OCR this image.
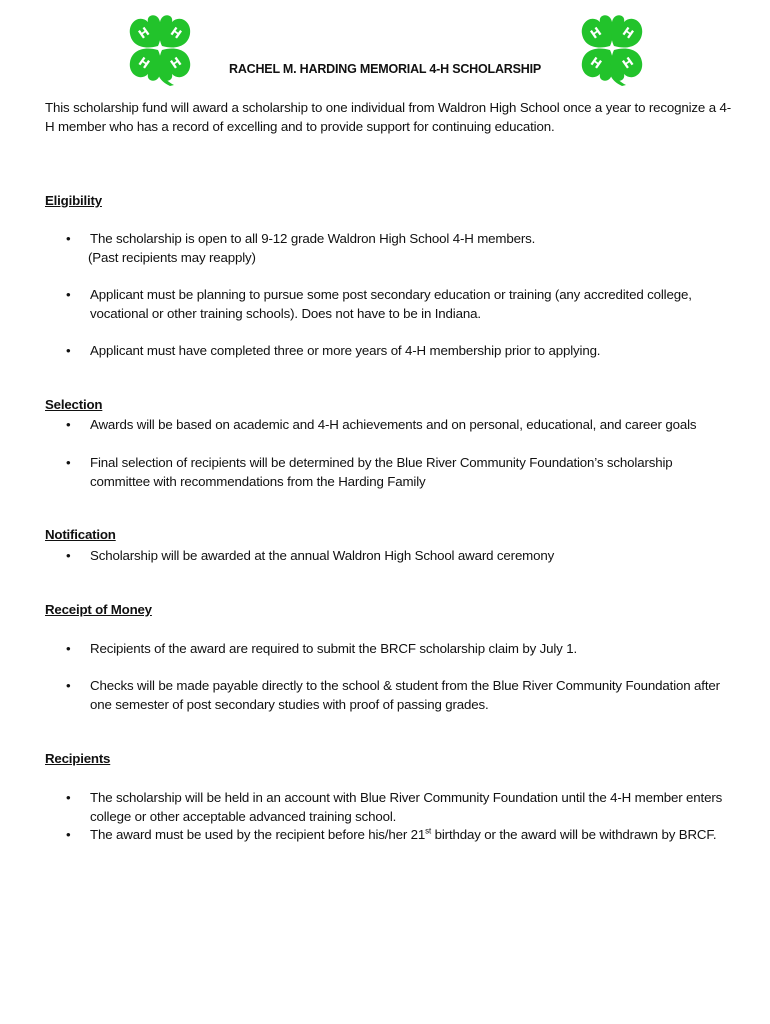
H H
H H
H H
H H
RACHEL M. HARDING MEMORIAL 4-H SCHOLARSHIP
This scholarship fund will award a scholarship to one individual from Waldron High School once a year to recognize a 4-H member who has a record of excelling and to provide support for continuing education.
Eligibility
•	The scholarship is open to all 9-12 grade Waldron High School 4-H members.
(Past recipients may reapply)
•	Applicant must be planning to pursue some post secondary education or training (any accredited college, vocational or other training schools). Does not have to be in Indiana.
•	Applicant must have completed three or more years of 4-H membership prior to applying.
Selection
•	Awards will be based on academic and 4-H achievements and on personal, educational, and career goals
•	Final selection of recipients will be determined by the Blue River Community Foundation’s scholarship committee with recommendations from the Harding Family
Notification
•	Scholarship will be awarded at the annual Waldron High School award ceremony
Receipt of Money
•	Recipients of the award are required to submit the BRCF scholarship claim by July 1.
•	Checks will be made payable directly to the school & student from the Blue River Community Foundation after one semester of post secondary studies with proof of passing grades.
Recipients
•	The scholarship will be held in an account with Blue River Community Foundation until the 4-H member enters college or other acceptable advanced training school.
•	The award must be used by the recipient before his/her 21st birthday or the award will be withdrawn by BRCF.
